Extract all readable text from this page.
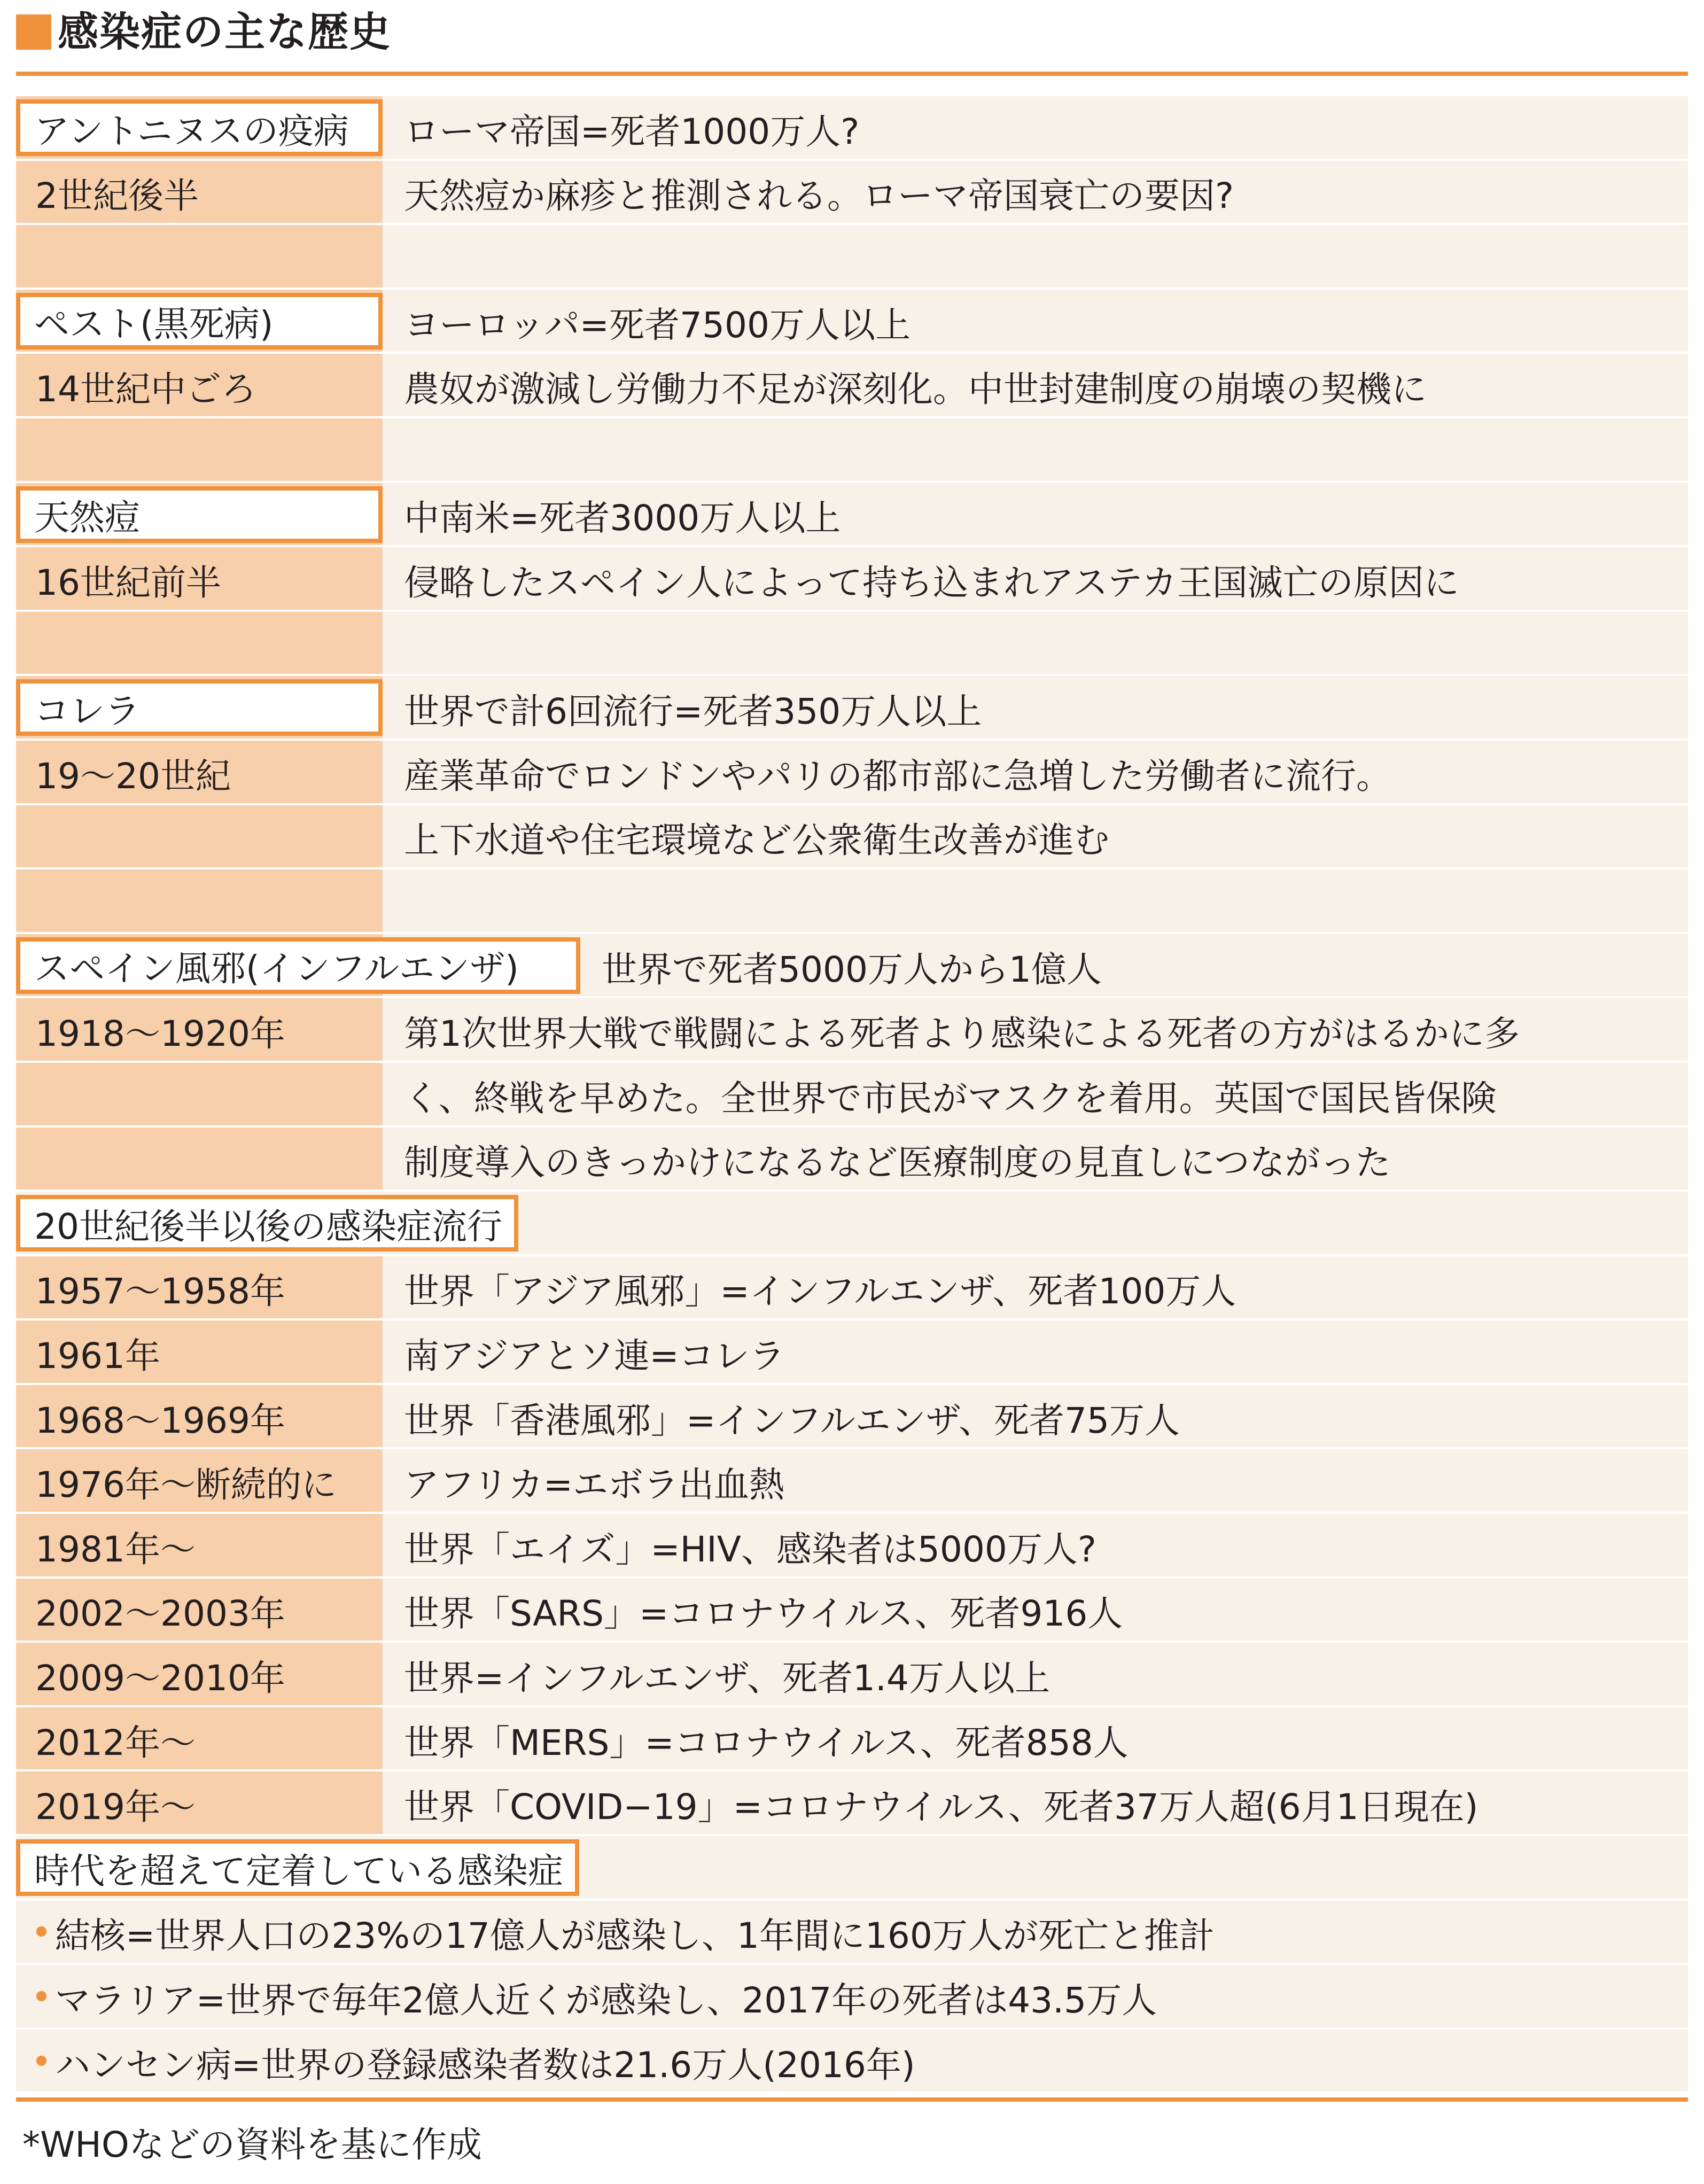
感染症の主な歴史
アントニヌスの疫病	ローマ帝国=死者1000万人?
2世紀後半	天然痘か麻疹と推測される。ローマ帝国衰亡の要因?
ペスト(黒死病)	ヨーロッパ=死者7500万人以上
14世紀中ごろ	農奴が激減し労働力不足が深刻化。中世封建制度の崩壊の契機に
天然痘	中南米=死者3000万人以上
16世紀前半	侵略したスペイン人によって持ち込まれアステカ王国滅亡の原因に
コレラ	世界で計6回流行=死者350万人以上
19〜20世紀	産業革命でロンドンやパリの都市部に急増した労働者に流行。
上下水道や住宅環境など公衆衛生改善が進む
スペイン風邪(インフルエンザ)	世界で死者5000万人から1億人
1918〜1920年	第1次世界大戦で戦闘による死者より感染による死者の方がはるかに多
く、終戦を早めた。全世界で市民がマスクを着用。英国で国民皆保険
制度導入のきっかけになるなど医療制度の見直しにつながった
20世紀後半以後の感染症流行
1957〜1958年	世界「アジア風邪」=インフルエンザ、死者100万人
1961年	南アジアとソ連=コレラ
1968〜1969年	世界「香港風邪」=インフルエンザ、死者75万人
1976年〜断続的に アフリカ=エボラ出血熱
1981年〜	世界「エイズ」=HIV、感染者は5000万人?
2002〜2003年	世界「SARS」=コロナウイルス、死者916人
2009〜2010年	世界=インフルエンザ、死者1.4万人以上
2012年〜	世界「MERS」=コロナウイルス、死者858人
2019年〜	世界「COVID−19」=コロナウイルス、死者37万人超(6月1日現在)
時代を超えて定着している感染症
• 結核=世界人口の23%の17億人が感染し、1年間に160万人が死亡と推計
• マラリア=世界で毎年2億人近くが感染し、2017年の死者は43.5万人
• ハンセン病=世界の登録感染者数は21.6万人(2016年)
*WHOなどの資料を基に作成
